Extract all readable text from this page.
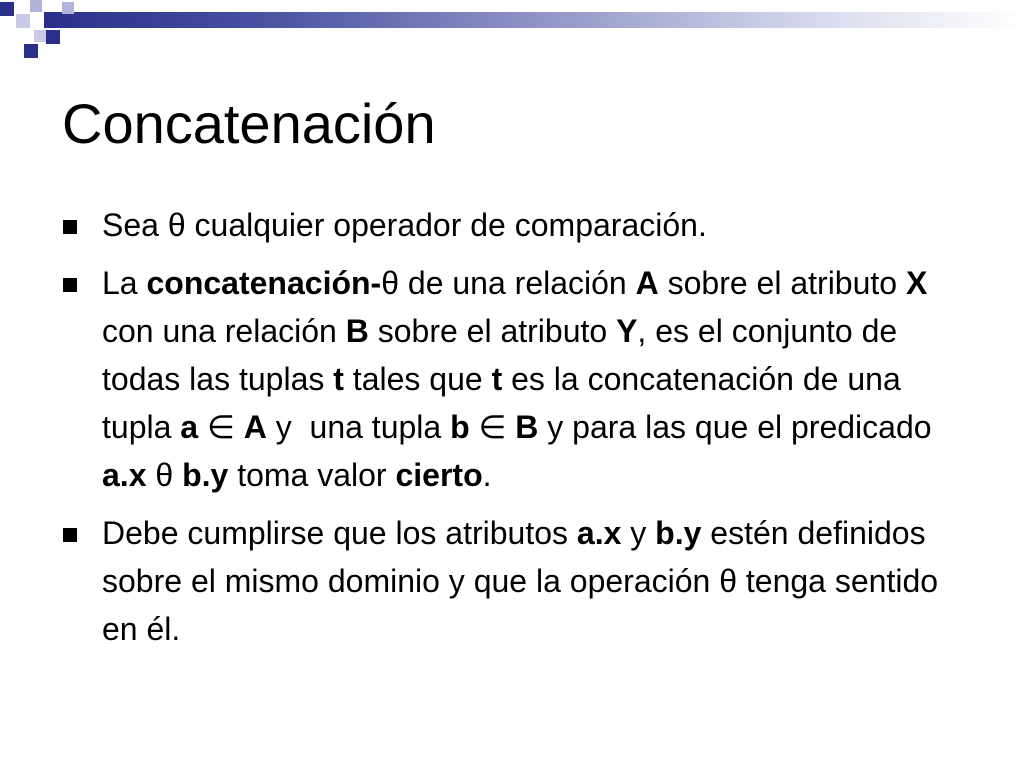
Concatenación
Sea θ cualquier operador de comparación.
La concatenación-θ de una relación A sobre el atributo X con una relación B sobre el atributo Y, es el conjunto de todas las tuplas t tales que t es la concatenación de una tupla a ∈ A y  una tupla b ∈ B y para las que el predicado a.x θ b.y toma valor cierto.
Debe cumplirse que los atributos a.x y b.y estén definidos sobre el mismo dominio y que la operación θ tenga sentido en él.
